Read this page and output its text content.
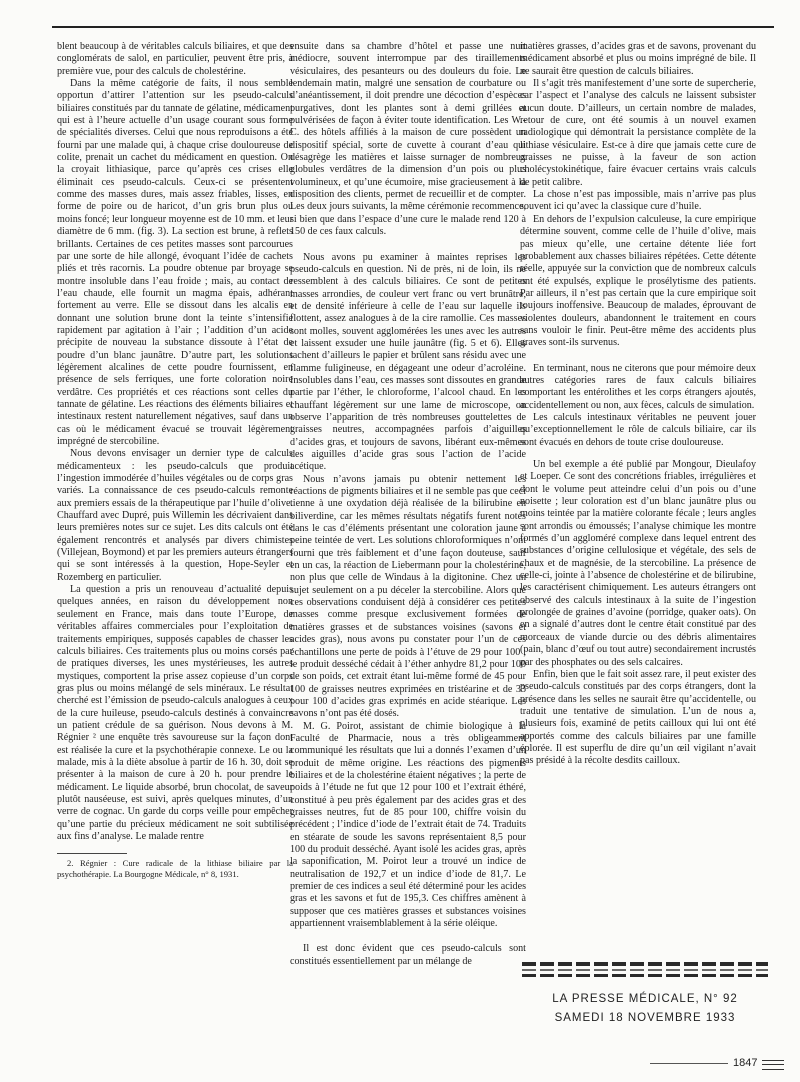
blent beaucoup à de véritables calculs biliaires, et que des conglomérats de salol, en particulier, peuvent être pris, à première vue, pour des calculs de cholestérine.

Dans la même catégorie de faits, il nous semble opportun d’attirer l’attention sur les pseudo-calculs biliaires constitués par du tannate de gélatine, médicament qui est à l’heure actuelle d’un usage courant sous forme de spécialités diverses. Celui que nous reproduisons a été fourni par une malade qui, à chaque crise douloureuse de colite, prenait un cachet du médicament en question. On la croyait lithiasique, parce qu’après ces crises elle éliminait ces pseudo-calculs. Ceux-ci se présentent comme des masses dures, mais assez friables, lisses, en forme de poire ou de haricot, d’un gris brun plus ou moins foncé; leur longueur moyenne est de 10 mm. et leur diamètre de 6 mm. (fig. 3). La section est brune, à reflets brillants. Certaines de ces petites masses sont parcourues par une sorte de hile allongé, évoquant l’idée de cachets pliés et très racornis. La poudre obtenue par broyage se montre insoluble dans l’eau froide ; mais, au contact de l’eau chaude, elle fournit un magma épais, adhérant fortement au verre. Elle se dissout dans les alcalis en donnant une solution brune dont la teinte s’intensifie rapidement par agitation à l’air ; l’addition d’un acide précipite de nouveau la substance dissoute à l’état de poudre d’un blanc jaunâtre. D’autre part, les solutions légèrement alcalines de cette poudre fournissent, en présence de sels ferriques, une forte coloration noire verdâtre. Ces propriétés et ces réactions sont celles du tannate de gélatine. Les réactions des éléments biliaires et intestinaux restent naturellement négatives, sauf dans un cas où le médicament évacué se trouvait légèrement imprégné de stercobiline.

Nous devons envisager un dernier type de calculs médicamenteux : les pseudo-calculs que produit l’ingestion immodérée d’huiles végétales ou de corps gras variés. La connaissance de ces pseudo-calculs remonte aux premiers essais de la thérapeutique par l’huile d’olive. Chauffard avec Dupré, puis Willemin les décrivaient dans leurs premières notes sur ce sujet. Les dits calculs ont été également rencontrés et analysés par divers chimistes (Villejean, Boymond) et par les premiers auteurs étrangers qui se sont intéressés à la question, Hope-Seyler et Rozemberg en particulier.

La question a pris un renouveau d’actualité depuis quelques années, en raison du développement non seulement en France, mais dans toute l’Europe, de véritables affaires commerciales pour l’exploitation de traitements empiriques, supposés capables de chasser les calculs biliaires. Ces traitements plus ou moins corsés par de pratiques diverses, les unes mystérieuses, les autres mystiques, comportent la prise assez copieuse d’un corps gras plus ou moins mélangé de sels minéraux. Le résultat cherché est l’émission de pseudo-calculs analogues à ceux de la cure huileuse, pseudo-calculs destinés à convaincre un patient crédule de sa guérison. Nous devons à M. Régnier ² une enquête très savoureuse sur la façon dont est réalisée la cure et la psychothérapie connexe. Le ou la malade, mis à la diète absolue à partir de 16 h. 30, doit se présenter à la maison de cure à 20 h. pour prendre le médicament. Le liquide absorbé, brun chocolat, de saveur plutôt nauséeuse, est suivi, après quelques minutes, d’un verre de cognac. Un garde du corps veille pour empêcher qu’une partie du précieux médicament ne soit subtilisée aux fins d’analyse. Le malade rentre

2. Régnier : Cure radicale de la lithiase biliaire par la psychothérapie. La Bourgogne Médicale, n° 8, 1931.

ensuite dans sa chambre d’hôtel et passe une nuit médiocre, souvent interrompue par des tiraillements vésiculaires, des pesanteurs ou des douleurs du foie. Le lendemain matin, malgré une sensation de courbature ou d’anéantissement, il doit prendre une décoction d’espèces purgatives, dont les plantes sont à demi grillées et pulvérisées de façon à éviter toute identification. Les W.-C. des hôtels affiliés à la maison de cure possèdent un dispositif spécial, sorte de cuvette à courant d’eau qui désagrège les matières et laisse surnager de nombreux globules verdâtres de la dimension d’un pois ou plus volumineux, et qu’une écumoire, mise gracieusement à la disposition des clients, permet de recueillir et de compter. Les deux jours suivants, la même cérémonie recommence, si bien que dans l’espace d’une cure le malade rend 120 à 150 de ces faux calculs.

Nous avons pu examiner à maintes reprises les pseudo-calculs en question. Ni de près, ni de loin, ils ne ressemblent à des calculs biliaires. Ce sont de petites masses arrondies, de couleur vert franc ou vert brunâtre, et de densité inférieure à celle de l’eau sur laquelle ils flottent, assez analogues à de la cire ramollie. Ces masses sont molles, souvent agglomérées les unes avec les autres et laissent exsuder une huile jaunâtre (fig. 5 et 6). Elles tachent d’ailleurs le papier et brûlent sans résidu avec une flamme fuligineuse, en dégageant une odeur d’acroléine. Insolubles dans l’eau, ces masses sont dissoutes en grande partie par l’éther, le chloroforme, l’alcool chaud. En les chauffant légèrement sur une lame de microscope, on observe l’apparition de très nombreuses gouttelettes de graisses neutres, accompagnées parfois d’aiguilles d’acides gras, et toujours de savons, libérant eux-mêmes des aiguilles d’acide gras sous l’action de l’acide acétique.

Nous n’avons jamais pu obtenir nettement les réactions de pigments biliaires et il ne semble pas que ceci tienne à une oxydation déjà réalisée de la bilirubine en biliverdine, car les mêmes résultats négatifs furent notés dans le cas d’éléments présentant une coloration jaune à peine teintée de vert. Les solutions chloroformiques n’ont fourni que très faiblement et d’une façon douteuse, sauf en un cas, la réaction de Liebermann pour la cholestérine, non plus que celle de Windaus à la digitonine. Chez un sujet seulement on a pu déceler la stercobiline. Alors que ces observations conduisent déjà à considérer ces petites masses comme presque exclusivement formées de matières grasses et de substances voisines (savons et acides gras), nous avons pu constater pour l’un de ces échantillons une perte de poids à l’étuve de 29 pour 100 ; le produit desséché cédait à l’éther anhydre 81,2 pour 100 de son poids, cet extrait étant lui-même formé de 45 pour 100 de graisses neutres exprimées en tristéarine et de 33 pour 100 d’acides gras exprimés en acide stéarique. Les savons n’ont pas été dosés.

M. G. Poirot, assistant de chimie biologique à la Faculté de Pharmacie, nous a très obligeamment communiqué les résultats que lui a donnés l’examen d’un produit de même origine. Les réactions des pigments biliaires et de la cholestérine étaient négatives ; la perte de poids à l’étude ne fut que 12 pour 100 et l’extrait éthéré, constitué à peu près également par des acides gras et des graisses neutres, fut de 85 pour 100, chiffre voisin du précédent ; l’indice d’iode de l’extrait était de 74. Traduits en stéarate de soude les savons représentaient 8,5 pour 100 du produit desséché. Ayant isolé les acides gras, après la saponification, M. Poirot leur a trouvé un indice de neutralisation de 192,7 et un indice d’iode de 81,7. Le premier de ces indices a seul été déterminé pour les acides gras et les savons et fut de 195,3. Ces chiffres amènent à supposer que ces matières grasses et substances voisines appartiennent vraisemblablement à la série oléique.

Il est donc évident que ces pseudo-calculs sont constitués essentiellement par un mélange de

matières grasses, d’acides gras et de savons, provenant du médicament absorbé et plus ou moins imprégné de bile. Il ne saurait être question de calculs biliaires.

Il s’agit très manifestement d’une sorte de supercherie, car l’aspect et l’analyse des calculs ne laissent subsister aucun doute. D’ailleurs, un certain nombre de malades, retour de cure, ont été soumis à un nouvel examen radiologique qui démontrait la persistance complète de la lithiase vésiculaire. Est-ce à dire que jamais cette cure de graisses ne puisse, à la faveur de son action cholécystokinétique, faire évacuer certains vrais calculs de petit calibre.

La chose n’est pas impossible, mais n’arrive pas plus souvent ici qu’avec la classique cure d’huile.

En dehors de l’expulsion calculeuse, la cure empirique détermine souvent, comme celle de l’huile d’olive, mais pas mieux qu’elle, une certaine détente liée fort probablement aux chasses biliaires répétées. Cette détente réelle, appuyée sur la conviction que de nombreux calculs ont été expulsés, explique le prosélytisme des patients. Par ailleurs, il n’est pas certain que la cure empirique soit toujours inoffensive. Beaucoup de malades, éprouvant de violentes douleurs, abandonnent le traitement en cours sans vouloir le finir. Peut-être même des accidents plus graves sont-ils survenus.

En terminant, nous ne citerons que pour mémoire deux autres catégories rares de faux calculs biliaires comportant les entérolithes et les corps étrangers ajoutés, accidentellement ou non, aux fèces, calculs de simulation.

Les calculs intestinaux véritables ne peuvent jouer qu’exceptionnellement le rôle de calculs biliaire, car ils sont évacués en dehors de toute crise douloureuse.

Un bel exemple a été publié par Mongour, Dieulafoy et Loeper. Ce sont des concrétions friables, irrégulières et dont le volume peut atteindre celui d’un pois ou d’une noisette ; leur coloration est d’un blanc jaunâtre plus ou moins teintée par la matière colorante fécale ; leurs angles sont arrondis ou émoussés; l’analyse chimique les montre formés d’un aggloméré complexe dans lequel entrent des substances d’origine cellulosique et végétale, des sels de chaux et de magnésie, de la stercobiline. La présence de celle-ci, jointe à l’absence de cholestérine et de bilirubine, les caractérisent chimiquement. Les auteurs étrangers ont observé des calculs intestinaux à la suite de l’ingestion prolongée de graines d’avoine (porridge, quaker oats). On en a signalé d’autres dont le centre était constitué par des morceaux de viande durcie ou des débris alimentaires (pain, blanc d’œuf ou tout autre) secondairement incrustés par des phosphates ou des sels calcaires.

Enfin, bien que le fait soit assez rare, il peut exister des pseudo-calculs constitués par des corps étrangers, dont la présence dans les selles ne saurait être qu’accidentelle, ou traduit une tentative de simulation. L’un de nous a, plusieurs fois, examiné de petits cailloux qui lui ont été apportés comme des calculs biliaires par une famille éplorée. Il est superflu de dire qu’un œil vigilant n’avait pas présidé à la récolte desdits cailloux.

LA PRESSE MÉDICALE, N° 92
SAMEDI 18 NOVEMBRE 1933
1847
